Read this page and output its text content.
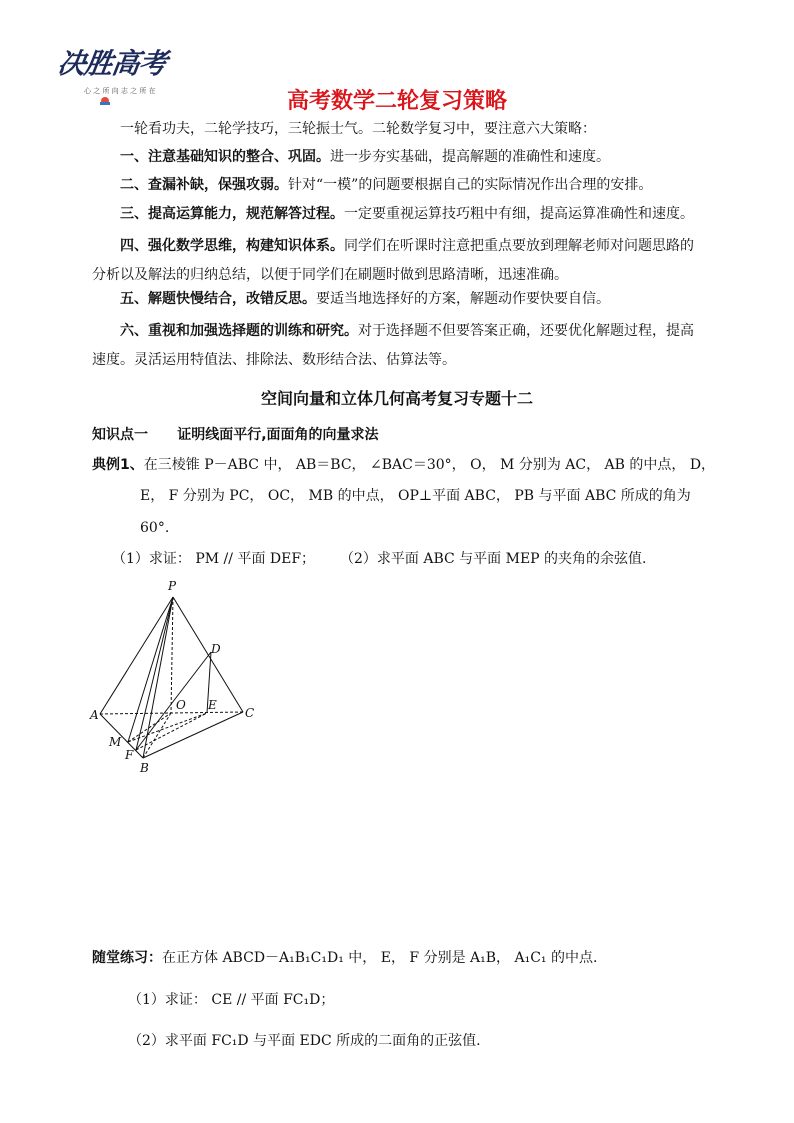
决胜高考
心 之 所 向 志 之 所 在	高考数学二轮复习策略
一轮看功夫，二轮学技巧，三轮振士气。二轮数学复习中，要注意六大策略：
一、注意基础知识的整合、巩固。进一步夯实基础，提高解题的准确性和速度。
二、查漏补缺，保强攻弱。针对“一模”的问题要根据自己的实际情况作出合理的安排。
三、提高运算能力，规范解答过程。一定要重视运算技巧粗中有细，提高运算准确性和速度。
四、强化数学思维，构建知识体系。同学们在听课时注意把重点要放到理解老师对问题思路的分析以及解法的归纳总结，以便于同学们在刷题时做到思路清晰，迅速准确。
五、解题快慢结合，改错反思。要适当地选择好的方案，解题动作要快要自信。
六、重视和加强选择题的训练和研究。对于选择题不但要答案正确，还要优化解题过程，提高速度。灵活运用特值法、排除法、数形结合法、估算法等。
空间向量和立体几何高考复习专题十二
知识点一      证明线面平行,面面角的向量求法
典例1、在三棱锥 P－ABC 中， AB＝BC， ∠BAC＝30°， O， M 分别为 AC， AB 的中点， D，
E， F 分别为 PC， OC， MB 的中点， OP⊥平面 ABC， PB 与平面 ABC 所成的角为
60°.
（1）求证： PM // 平面 DEF；	（2）求平面 ABC 与平面 MEP 的夹角的余弦值.
P
D
A
O E
C
M
F
B
随堂练习：在正方体 ABCD－A₁B₁C₁D₁ 中， E， F 分别是 A₁B， A₁C₁ 的中点.
（1）求证： CE // 平面 FC₁D；
（2）求平面 FC₁D 与平面 EDC 所成的二面角的正弦值.
